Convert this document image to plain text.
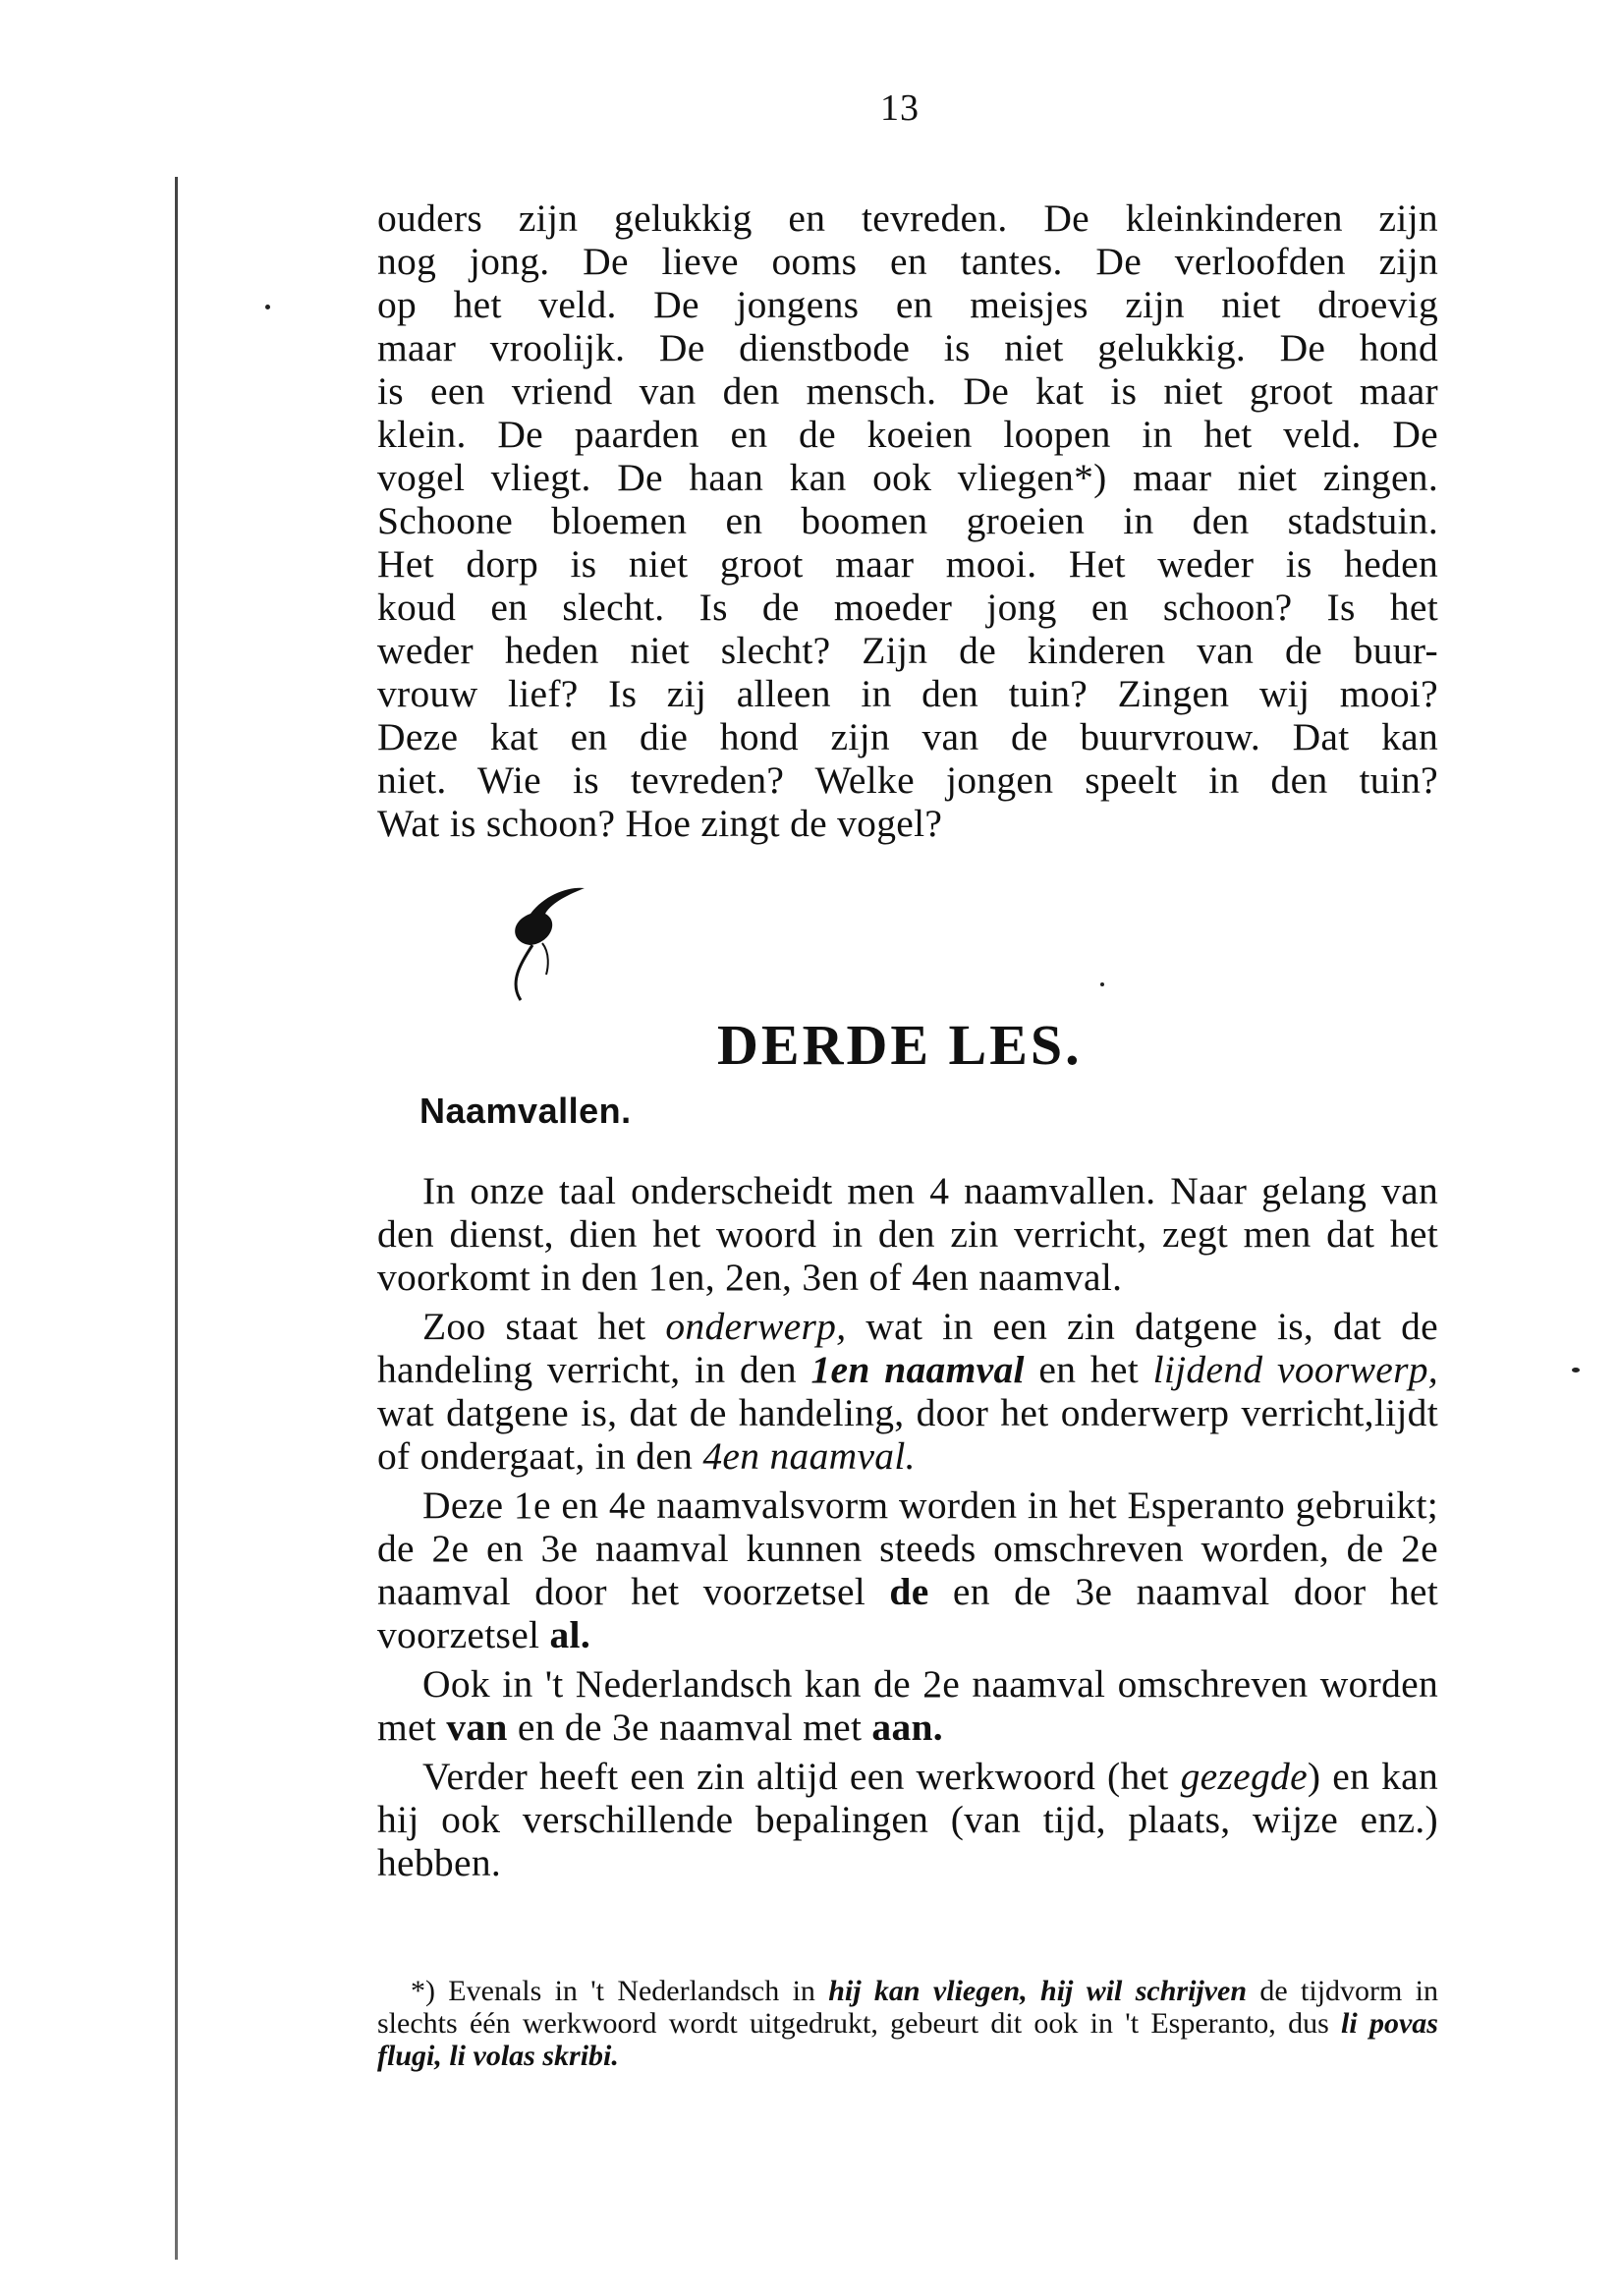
13

ouders zijn gelukkig en tevreden. De kleinkinderen zijn

nog jong. De lieve ooms en tantes. De verloofden zijn

op het veld. De jongens en meisjes zijn niet droevig

maar vroolijk. De dienstbode is niet gelukkig. De hond

is een vriend van den mensch. De kat is niet groot maar

klein. De paarden en de koeien loopen in het veld. De

vogel vliegt. De haan kan ook vliegen*) maar niet zingen.

Schoone bloemen en boomen groeien in den stadstuin.

Het dorp is niet groot maar mooi. Het weder is heden

koud en slecht. Is de moeder jong en schoon? Is het

weder heden niet slecht? Zijn de kinderen van de buur-

vrouw lief? Is zij alleen in den tuin? Zingen wij mooi?

Deze kat en die hond zijn van de buurvrouw. Dat kan

niet. Wie is tevreden? Welke jongen speelt in den tuin?

Wat is schoon? Hoe zingt de vogel?

DERDE LES.
Naamvallen.

In onze taal onderscheidt men 4 naamvallen. Naar gelang van den dienst, dien het woord in den zin verricht, zegt men dat het voorkomt in den 1en, 2en, 3en of 4en naamval.

Zoo staat het onderwerp, wat in een zin datgene is, dat de handeling verricht, in den 1en naamval en het lijdend voorwerp, wat datgene is, dat de handeling, door het onderwerp verricht,lijdt of ondergaat, in den 4en naamval.

Deze 1e en 4e naamvalsvorm worden in het Esperanto gebruikt; de 2e en 3e naamval kunnen steeds omschreven worden, de 2e naamval door het voorzetsel de en de 3e naamval door het voorzetsel al.

Ook in 't Nederlandsch kan de 2e naamval omschreven worden met van en de 3e naamval met aan.

Verder heeft een zin altijd een werkwoord (het gezegde) en kan hij ook verschillende bepalingen (van tijd, plaats, wijze enz.) hebben.

*) Evenals in 't Nederlandsch in hij kan vliegen, hij wil schrijven de tijdvorm in slechts één werkwoord wordt uitgedrukt, gebeurt dit ook in 't Esperanto, dus li povas flugi, li volas skribi.
